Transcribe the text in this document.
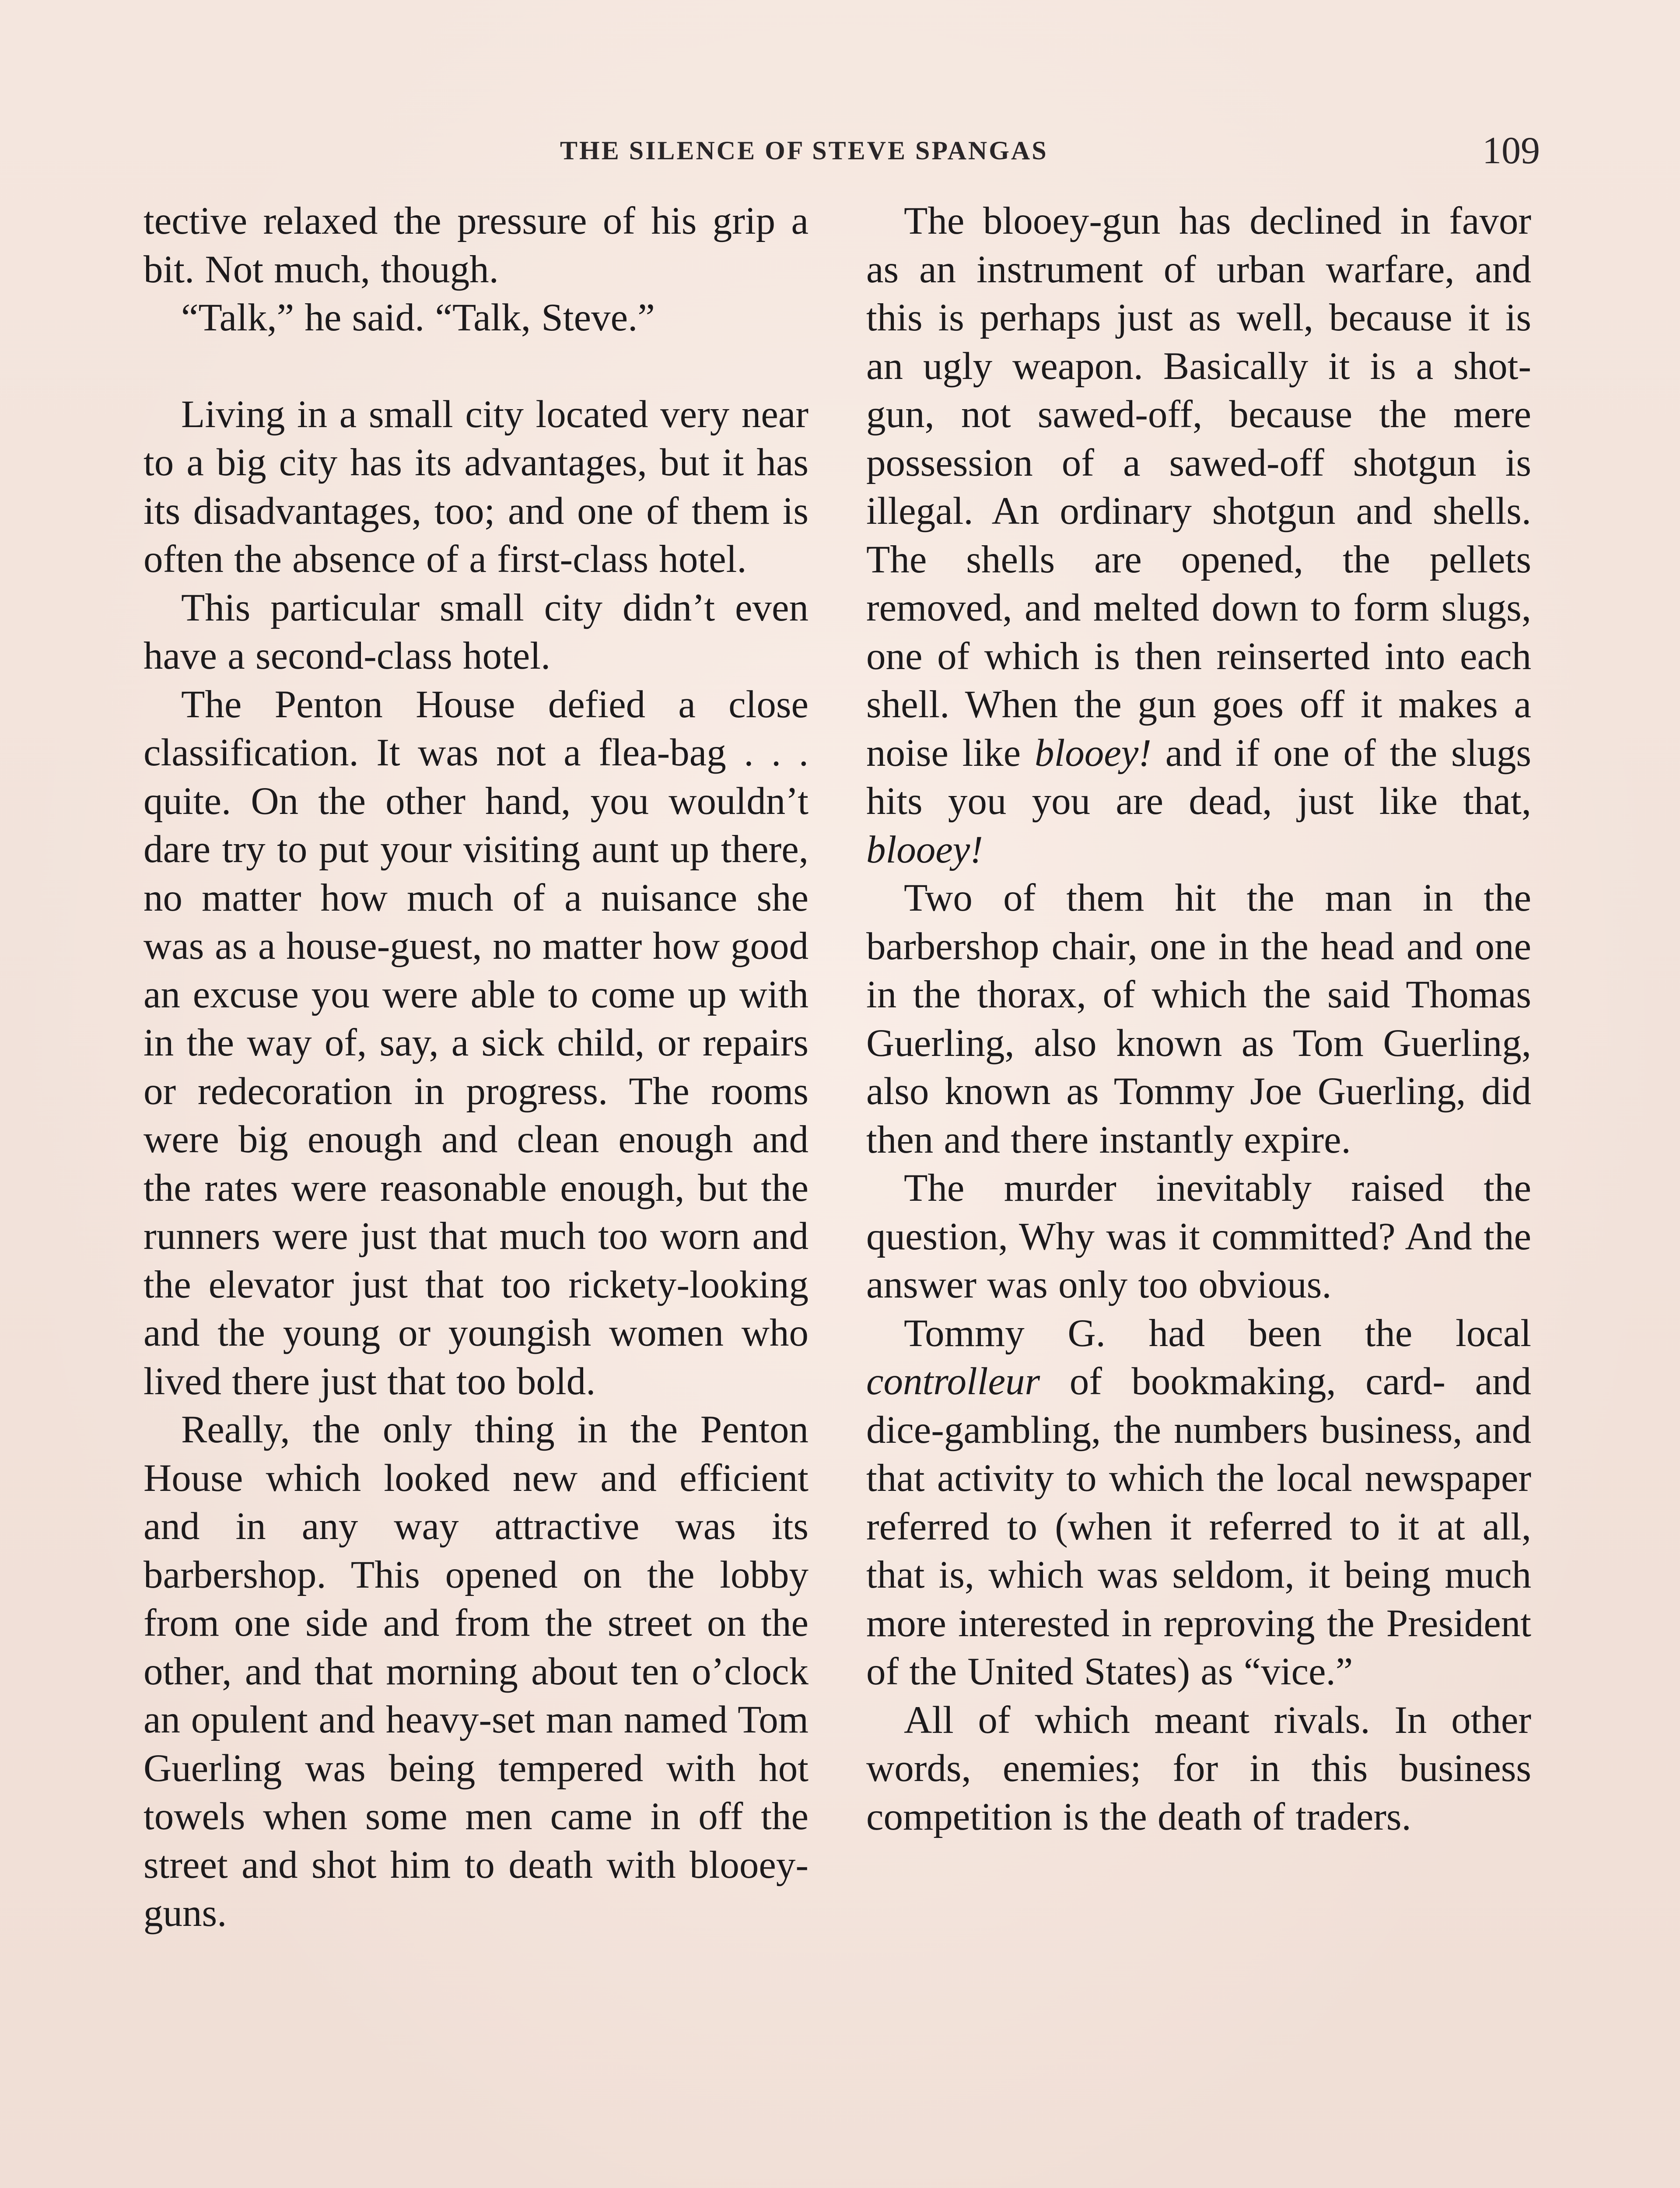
THE SILENCE OF STEVE SPANGAS	109

tective relaxed the pressure of his grip a bit. Not much, though.

“Talk,” he said. “Talk, Steve.”

Living in a small city located very near to a big city has its advantages, but it has its disadvantages, too; and one of them is often the absence of a first-class hotel.

This particular small city didn’t even have a second-class hotel.

The Penton House defied a close classification. It was not a flea-bag . . . quite. On the other hand, you wouldn’t dare try to put your visiting aunt up there, no matter how much of a nuisance she was as a house-guest, no matter how good an excuse you were able to come up with in the way of, say, a sick child, or repairs or redecoration in progress. The rooms were big enough and clean enough and the rates were reasonable enough, but the runners were just that much too worn and the elevator just that too rickety-looking and the young or youngish women who lived there just that too bold.

Really, the only thing in the Penton House which looked new and efficient and in any way attractive was its barbershop. This opened on the lobby from one side and from the street on the other, and that morning about ten o’clock an opulent and heavy-set man named Tom Guerling was being tempered with hot towels when some men came in off the street and shot him to death with blooey-guns.

The blooey-gun has declined in favor as an instrument of urban warfare, and this is perhaps just as well, because it is an ugly weapon. Basically it is a shot-gun, not sawed-off, because the mere possession of a sawed-off shotgun is illegal. An ordinary shotgun and shells. The shells are opened, the pellets removed, and melted down to form slugs, one of which is then reinserted into each shell. When the gun goes off it makes a noise like blooey! and if one of the slugs hits you you are dead, just like that, blooey!

Two of them hit the man in the barbershop chair, one in the head and one in the thorax, of which the said Thomas Guerling, also known as Tom Guerling, also known as Tommy Joe Guerling, did then and there instantly expire.

The murder inevitably raised the question, Why was it committed? And the answer was only too obvious.

Tommy G. had been the local controlleur of bookmaking, card- and dice-gambling, the numbers business, and that activity to which the local newspaper referred to (when it referred to it at all, that is, which was seldom, it being much more interested in reproving the President of the United States) as “vice.”

All of which meant rivals. In other words, enemies; for in this business competition is the death of traders.
